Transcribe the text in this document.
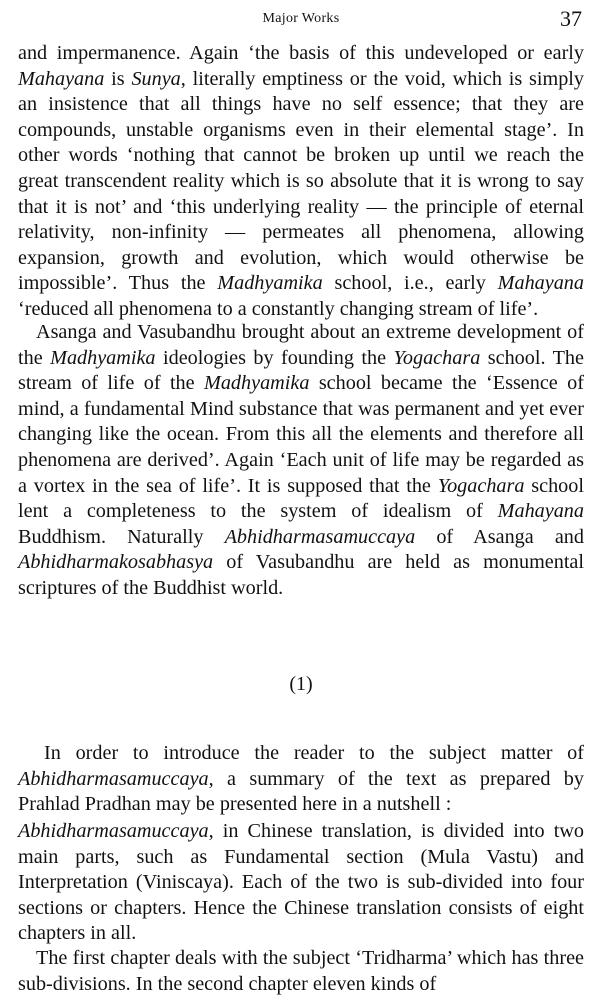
Major Works	37

and impermanence. Again ‘the basis of this undeveloped or early Mahayana is Sunya, literally emptiness or the void, which is simply an insistence that all things have no self essence; that they are compounds, unstable organisms even in their elemental stage’. In other words ‘nothing that cannot be broken up until we reach the great transcendent reality which is so absolute that it is wrong to say that it is not’ and ‘this underlying reality — the principle of eternal relativity, non-infinity — permeates all phenomena, allowing expansion, growth and evolution, which would otherwise be impossible’. Thus the Madhyamika school, i.e., early Mahayana ‘reduced all phenomena to a constantly changing stream of life’.

Asanga and Vasubandhu brought about an extreme development of the Madhyamika ideologies by founding the Yogachara school. The stream of life of the Madhyamika school became the ‘Essence of mind, a fundamental Mind substance that was permanent and yet ever changing like the ocean. From this all the elements and therefore all phenomena are derived’. Again ‘Each unit of life may be regarded as a vortex in the sea of life’. It is supposed that the Yogachara school lent a completeness to the system of idealism of Mahayana Buddhism. Naturally Abhidharmasamuccaya of Asanga and Abhidharmakosabhasya of Vasubandhu are held as monumental scriptures of the Buddhist world.

(1)

In order to introduce the reader to the subject matter of Abhidharmasamuccaya, a summary of the text as prepared by Prahlad Pradhan may be presented here in a nutshell :

Abhidharmasamuccaya, in Chinese translation, is divided into two main parts, such as Fundamental section (Mula Vastu) and Interpretation (Viniscaya). Each of the two is sub-divided into four sections or chapters. Hence the Chinese translation consists of eight chapters in all.

The first chapter deals with the subject ‘Tridharma’ which has three sub-divisions. In the second chapter eleven kinds of
